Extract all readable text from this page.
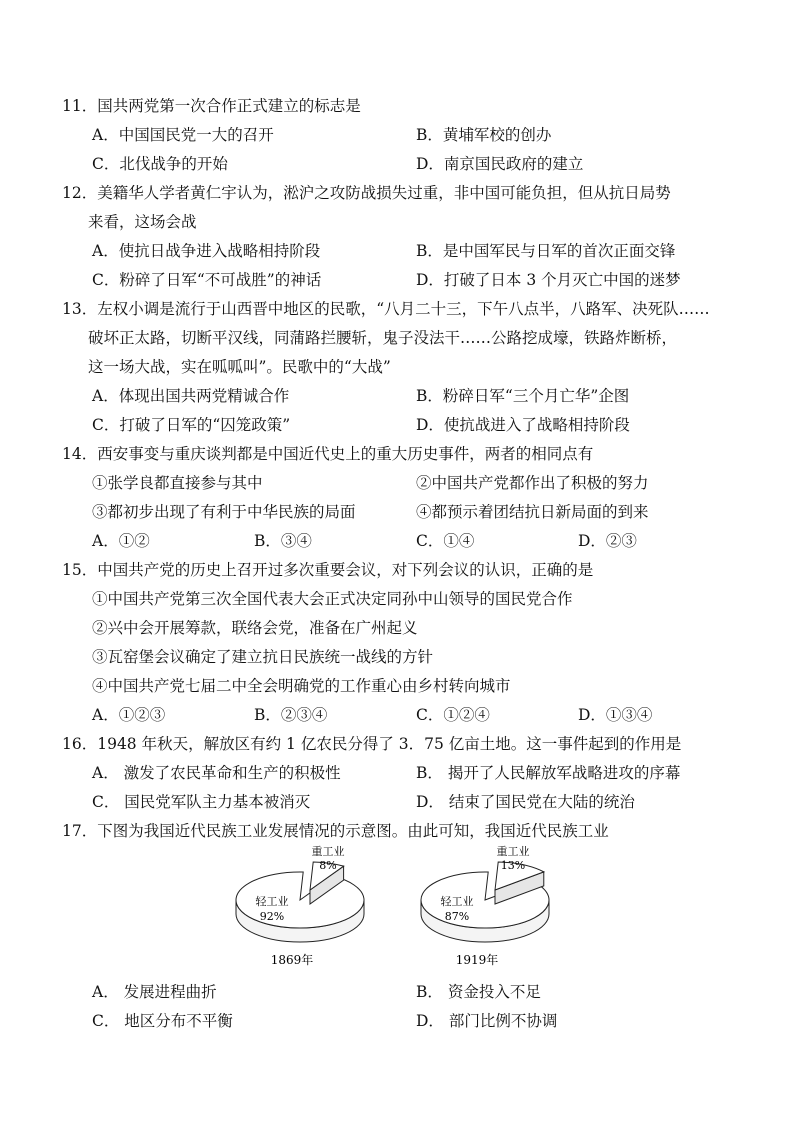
11．国共两党第一次合作正式建立的标志是
A．中国国民党一大的召开	B．黄埔军校的创办
C．北伐战争的开始	D．南京国民政府的建立
12．美籍华人学者黄仁宇认为，淞沪之攻防战损失过重，非中国可能负担，但从抗日局势
来看，这场会战
A．使抗日战争进入战略相持阶段	B．是中国军民与日军的首次正面交锋
C．粉碎了日军“不可战胜”的神话	D．打破了日本 3 个月灭亡中国的迷梦
13．左权小调是流行于山西晋中地区的民歌，“八月二十三，下午八点半，八路军、决死队……
破坏正太路，切断平汉线，同蒲路拦腰斩，鬼子没法干……公路挖成壕，铁路炸断桥，
这一场大战，实在呱呱叫”。民歌中的“大战”
A．体现出国共两党精诚合作	B．粉碎日军“三个月亡华”企图
C．打破了日军的“囚笼政策”	D．使抗战进入了战略相持阶段
14．西安事变与重庆谈判都是中国近代史上的重大历史事件，两者的相同点有
①张学良都直接参与其中	②中国共产党都作出了积极的努力
③都初步出现了有利于中华民族的局面	④都预示着团结抗日新局面的到来
A．①②	B．③④	C．①④	D．②③
15．中国共产党的历史上召开过多次重要会议，对下列会议的认识，正确的是
①中国共产党第三次全国代表大会正式决定同孙中山领导的国民党合作
②兴中会开展筹款，联络会党，准备在广州起义
③瓦窑堡会议确定了建立抗日民族统一战线的方针
④中国共产党七届二中全会明确党的工作重心由乡村转向城市
A．①②③	B．②③④	C．①②④	D．①③④
16．1948 年秋天，解放区有约 1 亿农民分得了 3．75 亿亩土地。这一事件起到的作用是
A． 激发了农民革命和生产的积极性	B． 揭开了人民解放军战略进攻的序幕
C． 国民党军队主力基本被消灭	D． 结束了国民党在大陆的统治
17．下图为我国近代民族工业发展情况的示意图。由此可知，我国近代民族工业
重工业
8%
轻工业
92%
1869年
重工业
13%
轻工业
87%
1919年
A． 发展进程曲折	B． 资金投入不足
C． 地区分布不平衡	D． 部门比例不协调
